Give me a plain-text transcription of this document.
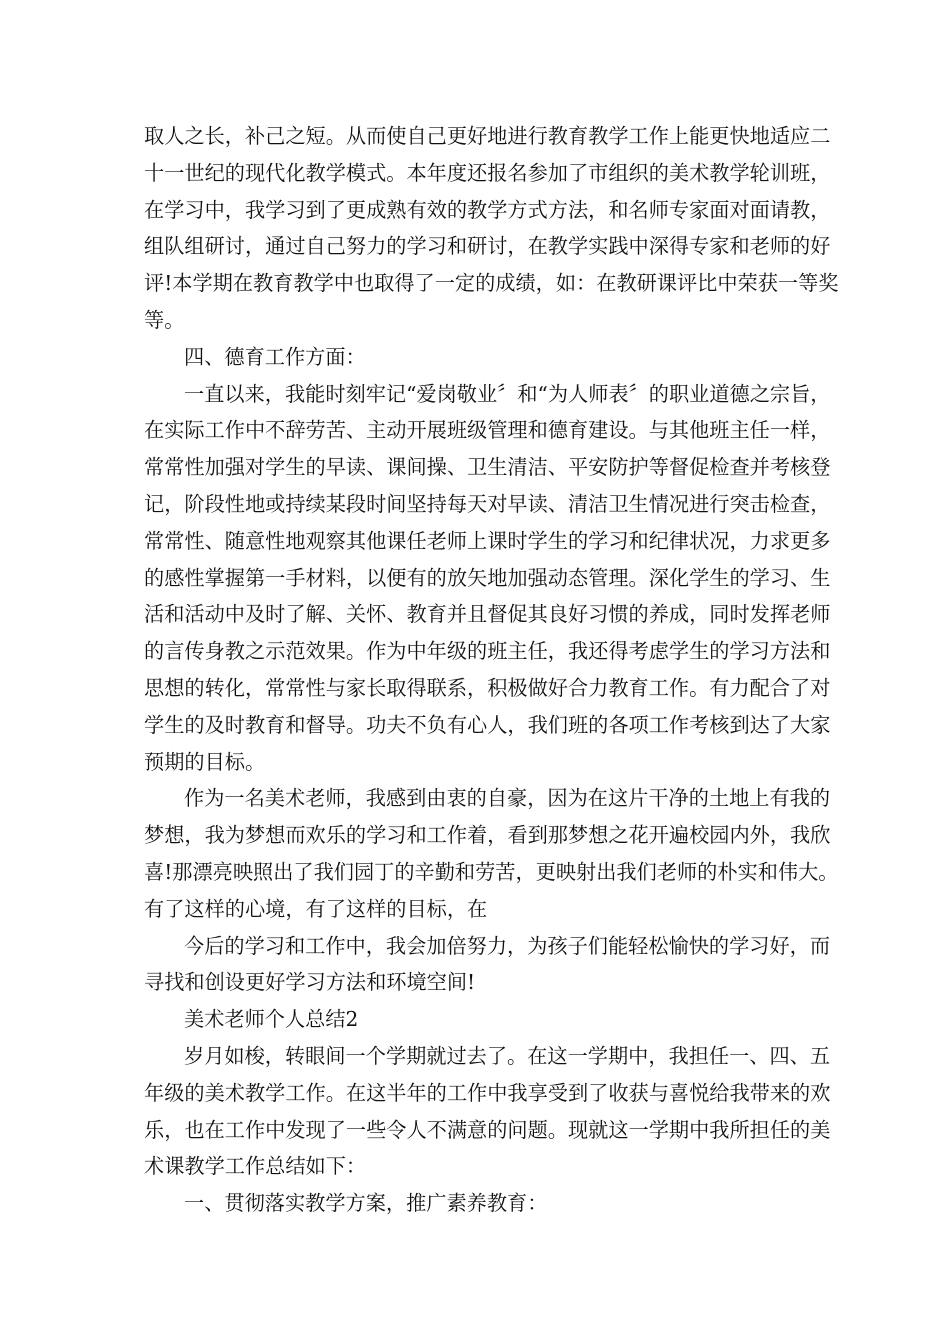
取人之长，补己之短。从而使自己更好地进行教育教学工作上能更快地适应二
十一世纪的现代化教学模式。本年度还报名参加了市组织的美术教学轮训班，
在学习中，我学习到了更成熟有效的教学方式方法，和名师专家面对面请教，
组队组研讨，通过自己努力的学习和研讨，在教学实践中深得专家和老师的好
评!本学期在教育教学中也取得了一定的成绩，如：在教研课评比中荣获一等奖
等。
四、德育工作方面：
一直以来，我能时刻牢记“爱岗敬业〞和“为人师表〞的职业道德之宗旨，
在实际工作中不辞劳苦、主动开展班级管理和德育建设。与其他班主任一样，
常常性加强对学生的早读、课间操、卫生清洁、平安防护等督促检查并考核登
记，阶段性地或持续某段时间坚持每天对早读、清洁卫生情况进行突击检查，
常常性、随意性地观察其他课任老师上课时学生的学习和纪律状况，力求更多
的感性掌握第一手材料，以便有的放矢地加强动态管理。深化学生的学习、生
活和活动中及时了解、关怀、教育并且督促其良好习惯的养成，同时发挥老师
的言传身教之示范效果。作为中年级的班主任，我还得考虑学生的学习方法和
思想的转化，常常性与家长取得联系，积极做好合力教育工作。有力配合了对
学生的及时教育和督导。功夫不负有心人，我们班的各项工作考核到达了大家
预期的目标。
作为一名美术老师，我感到由衷的自豪，因为在这片干净的土地上有我的
梦想，我为梦想而欢乐的学习和工作着，看到那梦想之花开遍校园内外，我欣
喜!那漂亮映照出了我们园丁的辛勤和劳苦，更映射出我们老师的朴实和伟大。
有了这样的心境，有了这样的目标，在
今后的学习和工作中，我会加倍努力，为孩子们能轻松愉快的学习好，而
寻找和创设更好学习方法和环境空间!
美术老师个人总结2
岁月如梭，转眼间一个学期就过去了。在这一学期中，我担任一、四、五
年级的美术教学工作。在这半年的工作中我享受到了收获与喜悦给我带来的欢
乐，也在工作中发现了一些令人不满意的问题。现就这一学期中我所担任的美
术课教学工作总结如下：
一、贯彻落实教学方案，推广素养教育：
